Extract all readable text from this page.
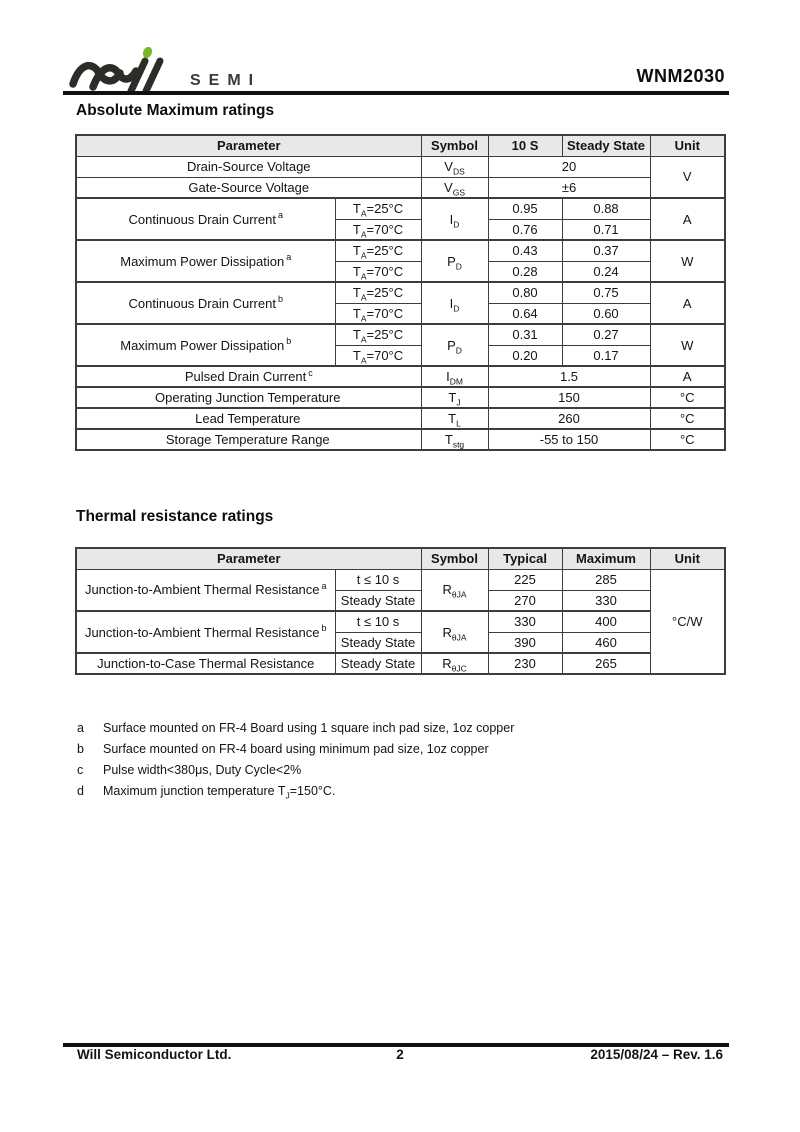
SEMI	WNM2030
Absolute Maximum ratings
Parameter		Symbol	10 S	Steady State	Unit
Drain-Source Voltage		$V_{DS}$	20		V
Gate-Source Voltage		$V_{GS}$	±6		
Continuous Drain Current $^a$	$T_A=25^\circ C$	$I_D$	0.95	0.88	A
	$T_A=70^\circ C$		0.76	0.71	
Maximum Power Dissipation $^a$	$T_A=25^\circ C$	$P_D$	0.43	0.37	W
	$T_A=70^\circ C$		0.28	0.24	
Continuous Drain Current $^b$	$T_A=25^\circ C$	$I_D$	0.80	0.75	A
	$T_A=70^\circ C$		0.64	0.60	
Maximum Power Dissipation $^b$	$T_A=25^\circ C$	$P_D$	0.31	0.27	W
	$T_A=70^\circ C$		0.20	0.17	
Pulsed Drain Current $^c$		$I_{DM}$	1.5		A
Operating Junction Temperature		$T_J$	150		°C
Lead Temperature		$T_L$	260		°C
Storage Temperature Range		$T_{stg}$	-55 to 150		°C
Thermal resistance ratings
Parameter		Symbol	Typical	Maximum	Unit
Junction-to-Ambient Thermal Resistance $^a$	t ≤ 10 s	$R_{\theta JA}$	225	285	°C/W
	Steady State		270	330	
Junction-to-Ambient Thermal Resistance $^b$	t ≤ 10 s	$R_{\theta JA}$	330	400	
	Steady State		390	460	
Junction-to-Case Thermal Resistance	Steady State	$R_{\theta JC}$	230	265	
a	Surface mounted on FR-4 Board using 1 square inch pad size, 1oz copper
b	Surface mounted on FR-4 board using minimum pad size, 1oz copper
c	Pulse width<380μs, Duty Cycle<2%
d	Maximum junction temperature $T_J=150^\circ C$.
Will Semiconductor Ltd.	2	2015/08/24 – Rev. 1.6
